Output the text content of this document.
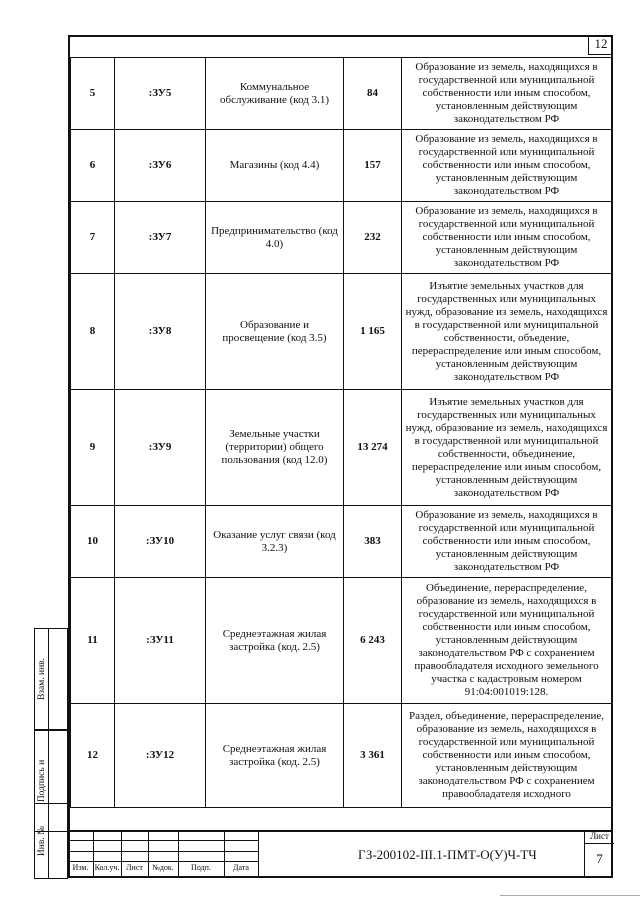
12
5	:ЗУ5	Коммунальное обслуживание (код 3.1)	84	Образование из земель, находящихся в государственной или муниципальной собственности или иным способом, установленным действующим законодательством РФ
6	:ЗУ6	Магазины (код 4.4)	157	Образование из земель, находящихся в государственной или муниципальной собственности или иным способом, установленным действующим законодательством РФ
7	:ЗУ7	Предпринимательство (код 4.0)	232	Образование из земель, находящихся в государственной или муниципальной собственности или иным способом, установленным действующим законодательством РФ
8	:ЗУ8	Образование и просвещение (код 3.5)	1 165	Изъятие земельных участков для государственных или муниципальных нужд, образование из земель, находящихся в государственной или муниципальной собственности, объедение, перераспределение или иным способом, установленным действующим законодательством РФ
9	:ЗУ9	Земельные участки (территории) общего пользования (код 12.0)	13 274	Изъятие земельных участков для государственных или муниципальных нужд, образование из земель, находящихся в государственной или муниципальной собственности, объединение, перераспределение или иным способом, установленным действующим законодательством РФ
10	:ЗУ10	Оказание услуг связи (код 3.2.3)	383	Образование из земель, находящихся в государственной или муниципальной собственности или иным способом, установленным действующим законодательством РФ
11	:ЗУ11	Среднеэтажная жилая застройка (код. 2.5)	6 243	Объединение, перераспределение, образование из земель, находящихся в государственной или муниципальной собственности или иным способом, установленным действующим законодательством РФ с сохранением правообладателя исходного земельного участка с кадастровым номером 91:04:001019:128.
12	:ЗУ12	Среднеэтажная жилая застройка (код. 2.5)	3 361	Раздел, объединение, перераспределение, образование из земель, находящихся в государственной или муниципальной собственности или иным способом, установленным действующим законодательством РФ с сохранением правообладателя исходного
Взам. инв.
Подпись и
Инв. №
Изм. Кол.уч. Лист	№док.	Подп.	Дата
ГЗ-200102-III.1-ПМТ-О(У)Ч-ТЧ
Лист
7
